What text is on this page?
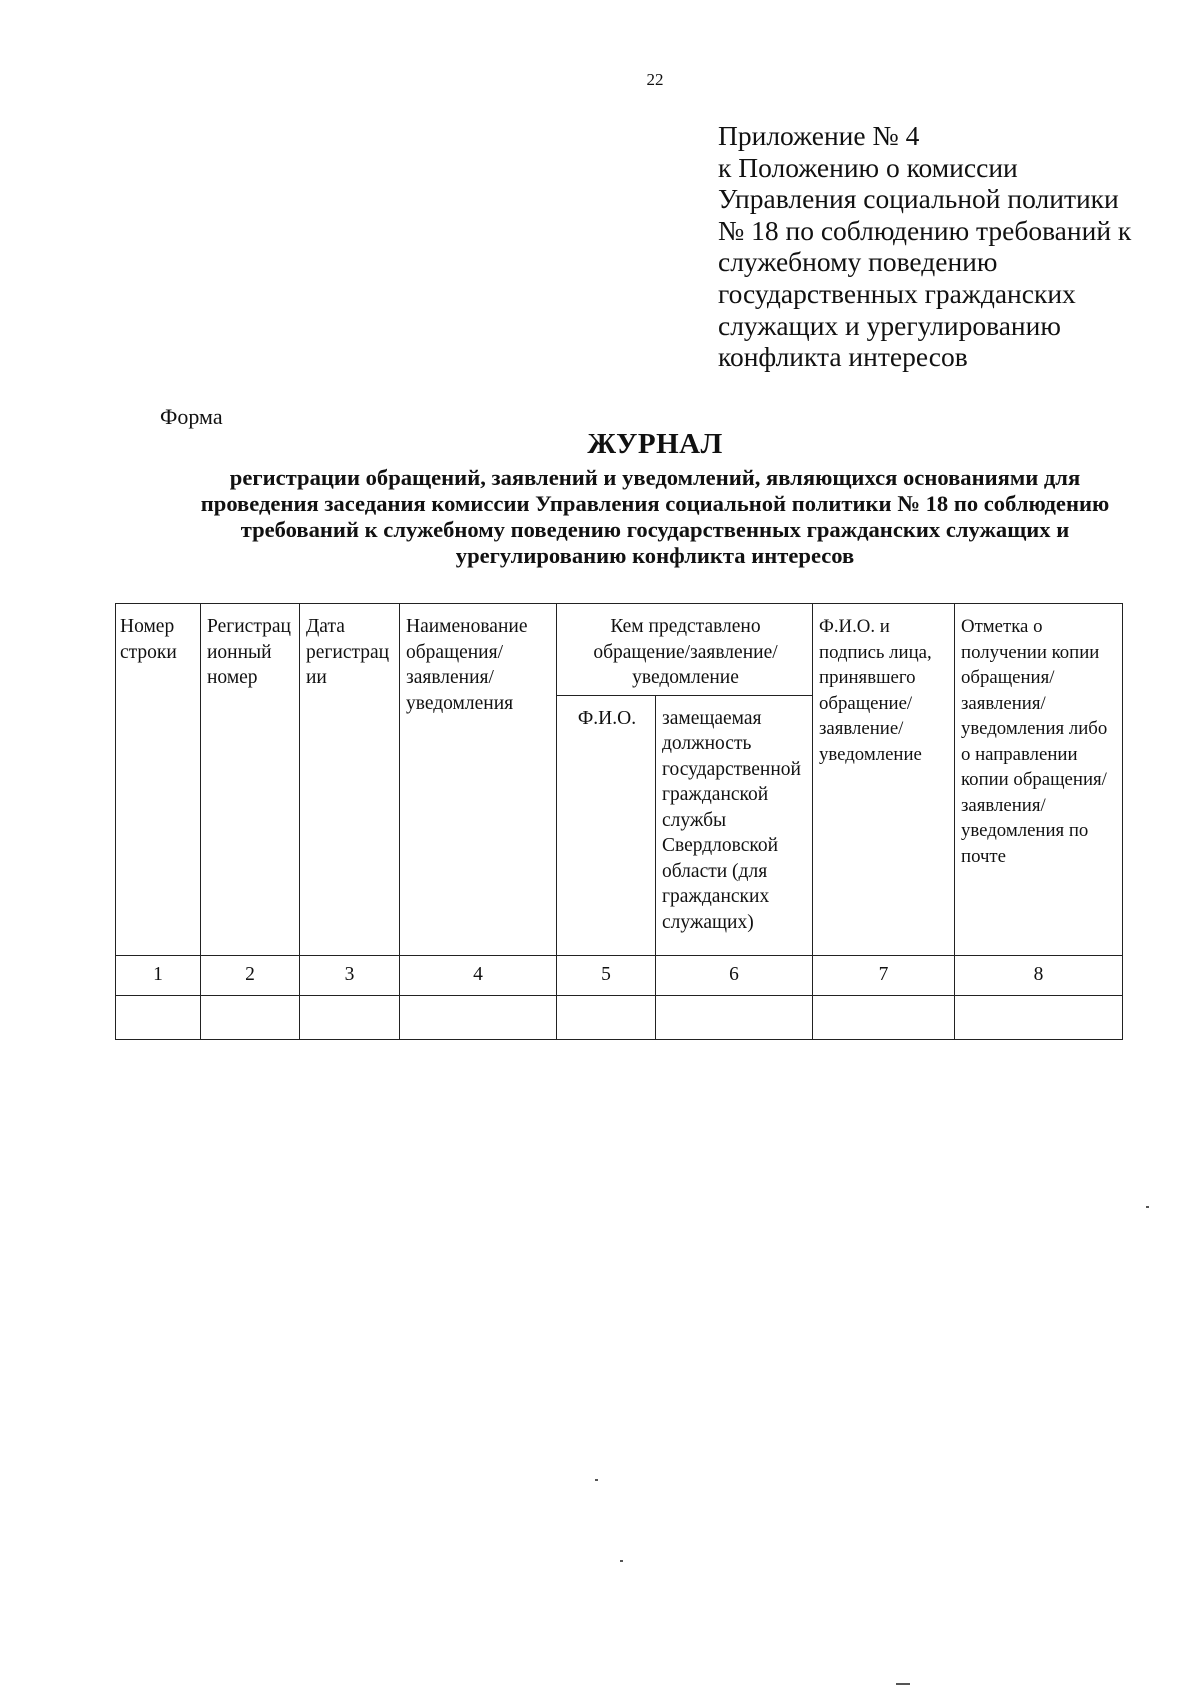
22
Приложение № 4
к Положению о комиссии
Управления социальной политики
№ 18 по соблюдению требований к
служебному поведению
государственных гражданских
служащих и урегулированию
конфликта интересов
Форма
ЖУРНАЛ
регистрации обращений, заявлений и уведомлений, являющихся основаниями для
проведения заседания комиссии Управления социальной политики № 18 по соблюдению
требований к служебному поведению государственных гражданских служащих и
урегулированию конфликта интересов
Номер строки	Регистрационный номер	Дата регистрации	Наименование обращения/ заявления/ уведомления	Кем представлено обращение/заявление/ уведомление		Ф.И.О. и подпись лица, принявшего обращение/ заявление/ уведомление	Отметка о получении копии обращения/заявления/уведомления либо о направлении копии обращения/заявления/уведомления по почте
				Ф.И.О.	замещаемая должность государственной гражданской службы Свердловской области (для гражданских служащих)		
1	2	3	4	5	6	7	8
